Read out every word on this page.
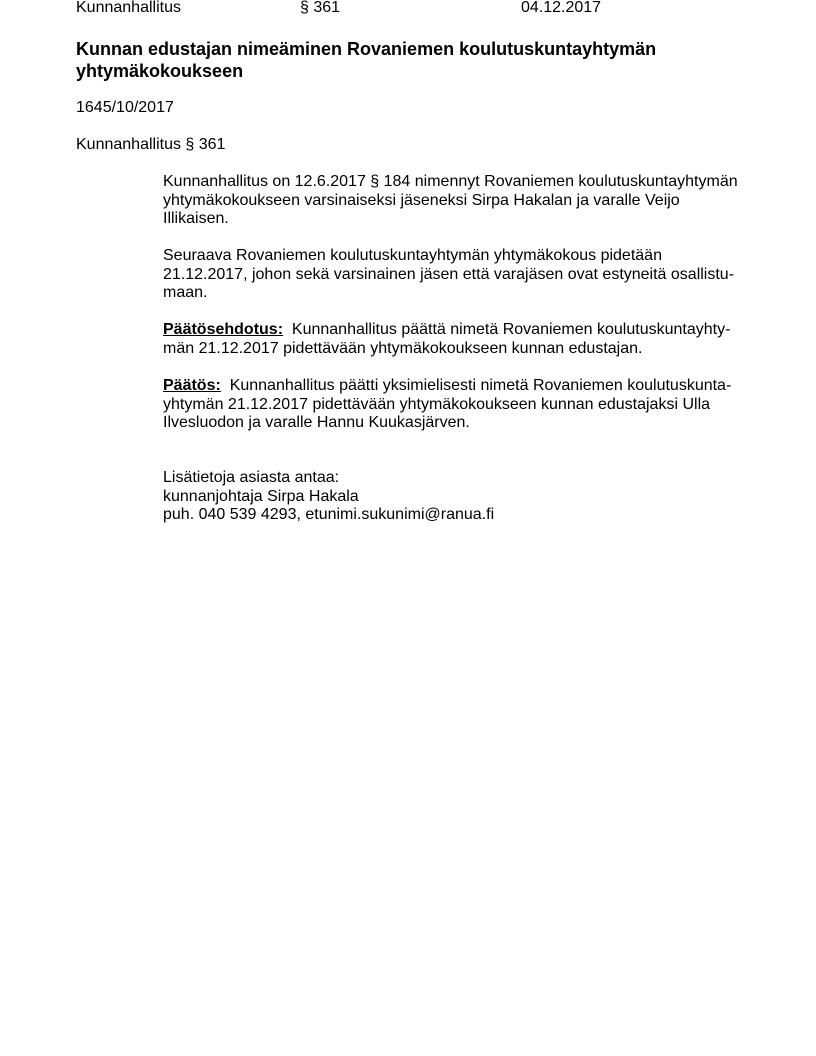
Kunnanhallitus	§ 361	04.12.2017
Kunnan edustajan nimeäminen Rovaniemen koulutuskuntayhtymän yhtymäkokoukseen
1645/10/2017
Kunnanhallitus § 361
Kunnanhallitus on 12.6.2017 § 184 nimennyt Rovaniemen koulutuskuntayhtymän
yhtymäkokoukseen varsinaiseksi jäseneksi Sirpa Hakalan ja varalle Veijo
Illikaisen.
Seuraava Rovaniemen koulutuskuntayhtymän yhtymäkokous pidetään
21.12.2017, johon sekä varsinainen jäsen että varajäsen ovat estyneitä osallistu-
maan.
Päätösehdotus: Kunnanhallitus päättä nimetä Rovaniemen koulutuskuntayhty-
män 21.12.2017 pidettävään yhtymäkokoukseen kunnan edustajan.
Päätös: Kunnanhallitus päätti yksimielisesti nimetä Rovaniemen koulutuskunta-
yhtymän 21.12.2017 pidettävään yhtymäkokoukseen kunnan edustajaksi Ulla
Ilvesluodon ja varalle Hannu Kuukasjärven.
Lisätietoja asiasta antaa:
kunnanjohtaja Sirpa Hakala
puh. 040 539 4293, etunimi.sukunimi@ranua.fi
